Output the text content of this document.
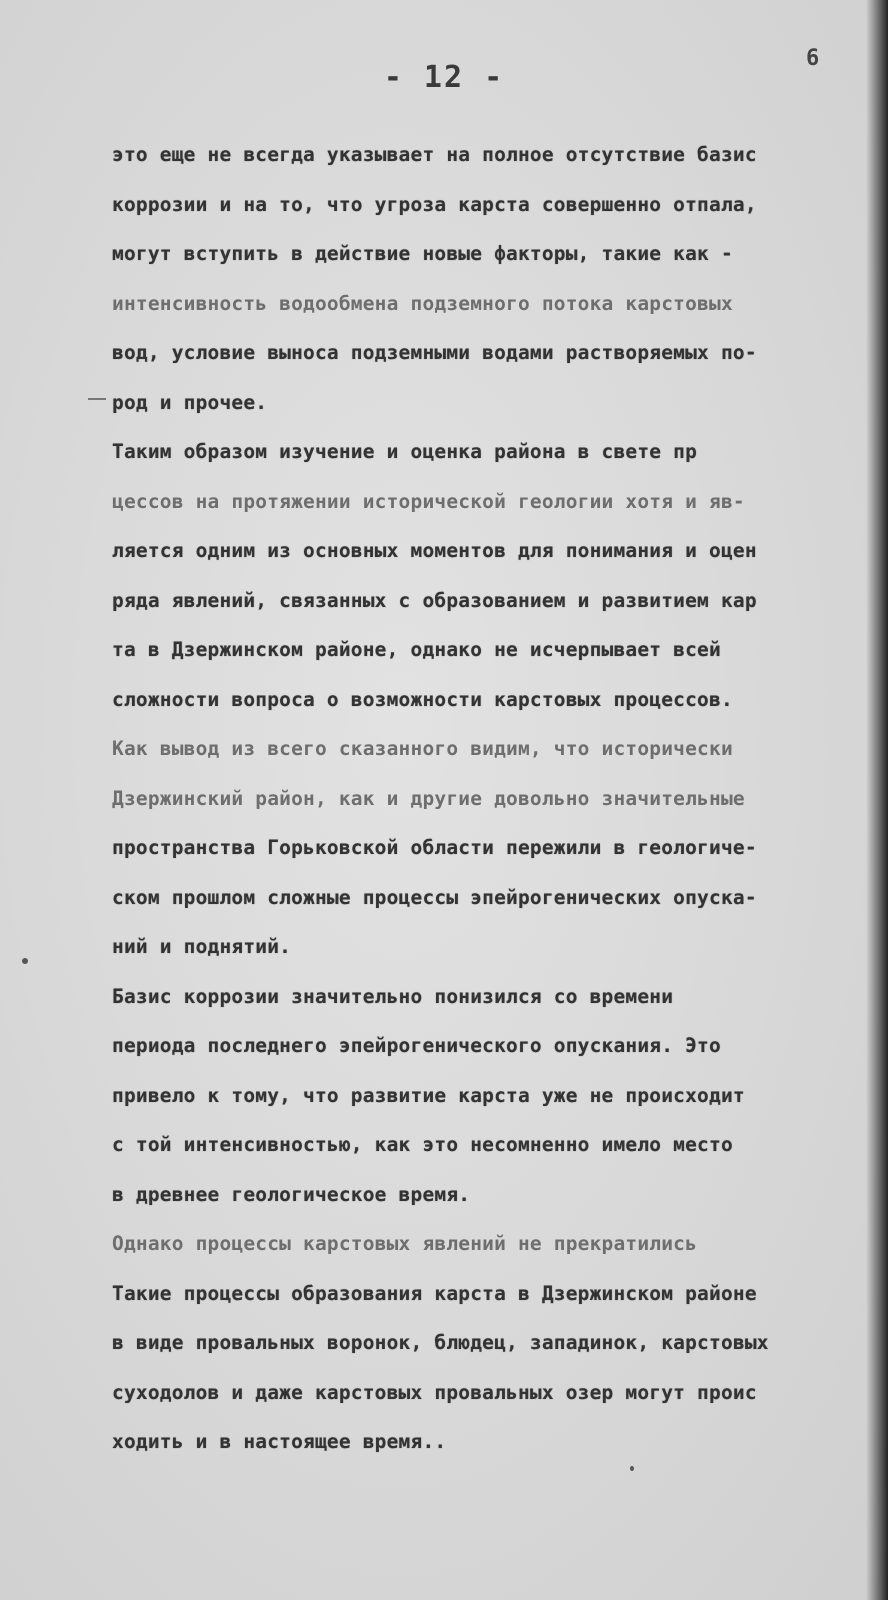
- 12 -
6
это еще не всегда указывает на полное отсутствие базис
коррозии и на то, что угроза карста совершенно отпала,
могут вступить в действие новые факторы, такие как -
интенсивность водообмена подземного потока карстовых
вод, условие выноса подземными водами растворяемых по-
род и прочее.
Таким образом изучение и оценка района в свете пр
цессов на протяжении исторической геологии хотя и яв-
ляется одним из основных моментов для понимания и оцен
ряда явлений, связанных с образованием и развитием кар
та в Дзержинском районе, однако не исчерпывает всей
сложности вопроса о возможности карстовых процессов.
Как вывод из всего сказанного видим, что исторически
Дзержинский район, как и другие довольно значительные
пространства Горьковской области пережили в геологиче-
ском прошлом сложные процессы эпейрогенических опуска-
ний и поднятий.
Базис коррозии значительно понизился со времени
периода последнего эпейрогенического опускания. Это
привело к тому, что развитие карста уже не происходит
с той интенсивностью, как это несомненно имело место
в древнее геологическое время.
Однако процессы карстовых явлений не прекратились
Такие процессы образования карста в Дзержинском районе
в виде провальных воронок, блюдец, западинок, карстовых
суходолов и даже карстовых провальных озер могут проис
ходить и в настоящее время..
